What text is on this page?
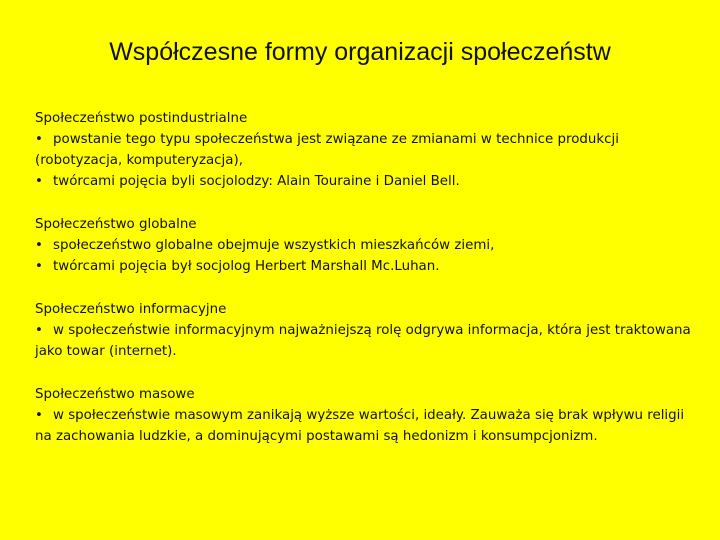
Współczesne formy organizacji społeczeństw
Społeczeństwo postindustrialne
• powstanie tego typu społeczeństwa jest związane ze zmianami w technice produkcji (robotyzacja, komputeryzacja),
• twórcami pojęcia byli socjolodzy: Alain Touraine i Daniel Bell.
Społeczeństwo globalne
• społeczeństwo globalne obejmuje wszystkich mieszkańców ziemi,
• twórcami pojęcia był socjolog Herbert Marshall Mc.Luhan.
Społeczeństwo informacyjne
• w społeczeństwie informacyjnym najważniejszą rolę odgrywa informacja, która jest traktowana jako towar (internet).
Społeczeństwo masowe
• w społeczeństwie masowym zanikają wyższe wartości, ideały. Zauważa się brak wpływu religii na zachowania ludzkie, a dominującymi postawami są hedonizm i konsumpcjonizm.
